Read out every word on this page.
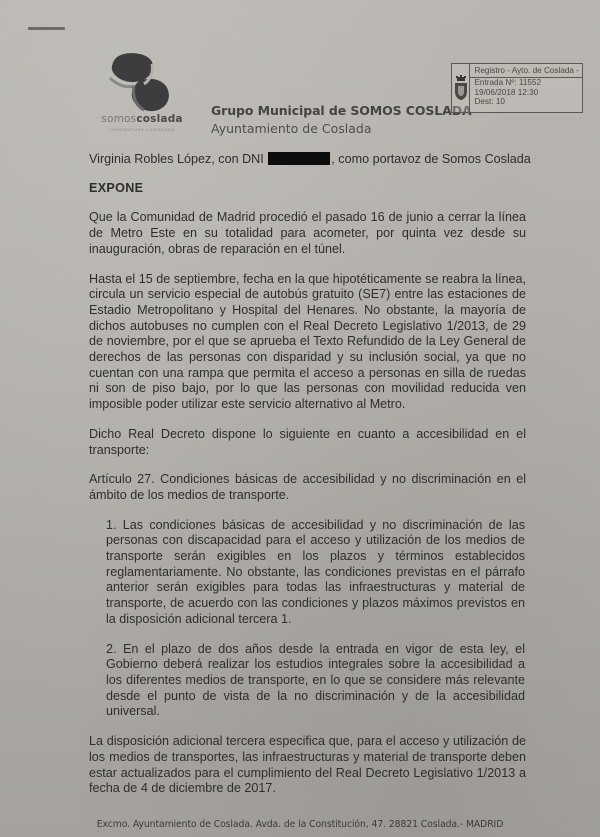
somoscoslada
CANDIDATURA CIUDADANA
Grupo Municipal de SOMOS COSLADA
Ayuntamiento de Coslada
Registro - Ayto. de Coslada -
Entrada Nº: 11552
19/06/2018 12:30
Dest: 10
Virginia Robles López, con DNI	, como portavoz de Somos Coslada
EXPONE

Que la Comunidad de Madrid procedió el pasado 16 de junio a cerrar la línea de Metro Este en su totalidad para acometer, por quinta vez desde su inauguración, obras de reparación en el túnel.

Hasta el 15 de septiembre, fecha en la que hipotéticamente se reabra la línea, circula un servicio especial de autobús gratuito (SE7) entre las estaciones de Estadio Metropolitano y Hospital del Henares. No obstante, la mayoría de dichos autobuses no cumplen con el Real Decreto Legislativo 1/2013, de 29 de noviembre, por el que se aprueba el Texto Refundido de la Ley General de derechos de las personas con disparidad y su inclusión social, ya que no cuentan con una rampa que permita el acceso a personas en silla de ruedas ni son de piso bajo, por lo que las personas con movilidad reducida ven imposible poder utilizar este servicio alternativo al Metro.

Dicho Real Decreto dispone lo siguiente en cuanto a accesibilidad en el transporte:

Artículo 27. Condiciones básicas de accesibilidad y no discriminación en el ámbito de los medios de transporte.

1. Las condiciones básicas de accesibilidad y no discriminación de las personas con discapacidad para el acceso y utilización de los medios de transporte serán exigibles en los plazos y términos establecidos reglamentariamente. No obstante, las condiciones previstas en el párrafo anterior serán exigibles para todas las infraestructuras y material de transporte, de acuerdo con las condiciones y plazos máximos previstos en la disposición adicional tercera 1.

2. En el plazo de dos años desde la entrada en vigor de esta ley, el Gobierno deberá realizar los estudios integrales sobre la accesibilidad a los diferentes medios de transporte, en lo que se considere más relevante desde el punto de vista de la no discriminación y de la accesibilidad universal.

La disposición adicional tercera especifica que, para el acceso y utilización de los medios de transportes, las infraestructuras y material de transporte deben estar actualizados para el cumplimiento del Real Decreto Legislativo 1/2013 a fecha de 4 de diciembre de 2017.

Excmo. Ayuntamiento de Coslada. Avda. de la Constitución, 47. 28821 Coslada.- MADRID
